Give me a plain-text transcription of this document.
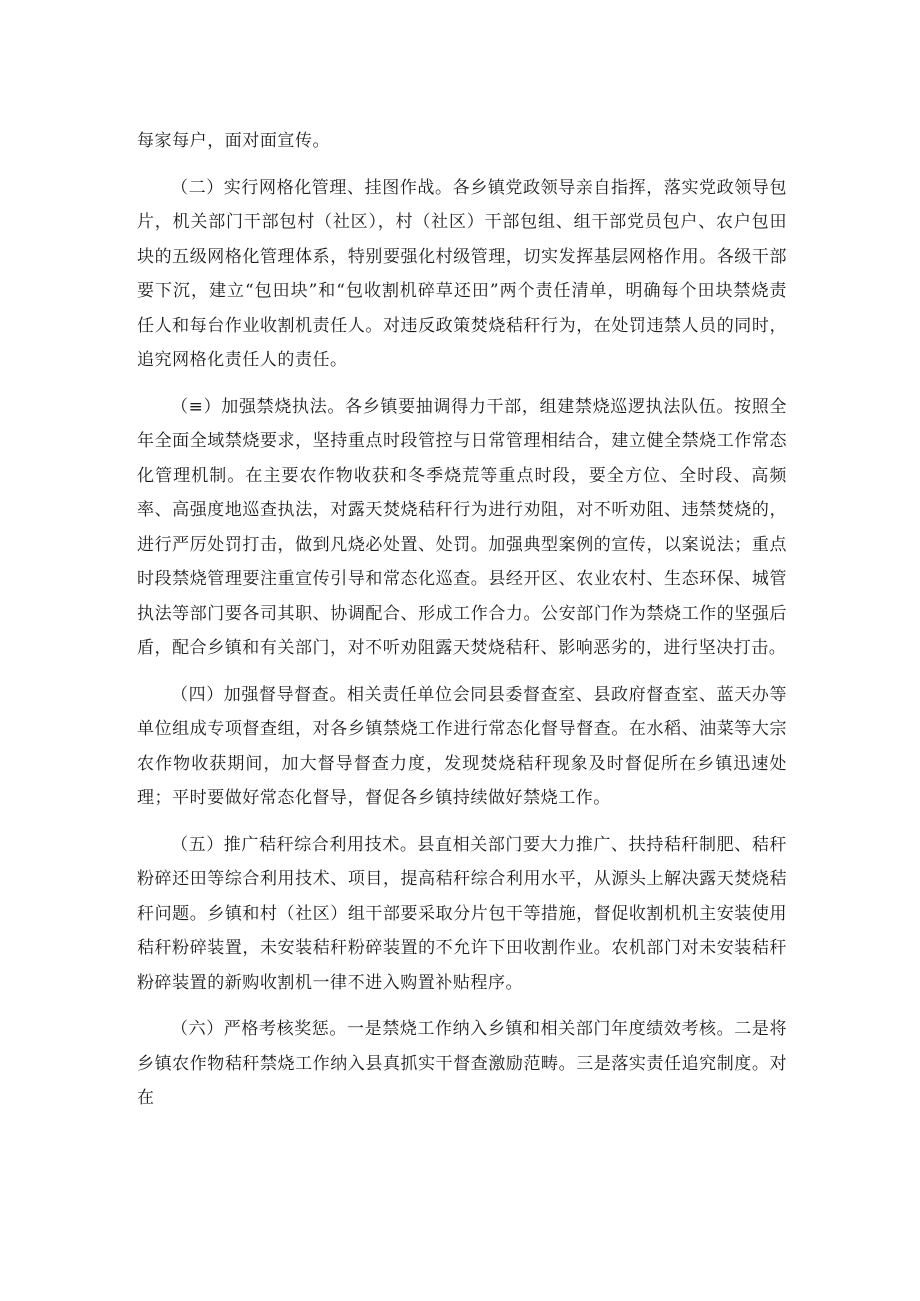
每家每户，面对面宣传。

（二）实行网格化管理、挂图作战。各乡镇党政领导亲自指挥，落实党政领导包片，机关部门干部包村（社区），村（社区）干部包组、组干部党员包户、农户包田块的五级网格化管理体系，特别要强化村级管理，切实发挥基层网格作用。各级干部要下沉，建立“包田块”和“包收割机碎草还田”两个责任清单，明确每个田块禁烧责任人和每台作业收割机责任人。对违反政策焚烧秸秆行为，在处罚违禁人员的同时，追究网格化责任人的责任。

（≡）加强禁烧执法。各乡镇要抽调得力干部，组建禁烧巡逻执法队伍。按照全年全面全域禁烧要求，坚持重点时段管控与日常管理相结合，建立健全禁烧工作常态化管理机制。在主要农作物收获和冬季烧荒等重点时段，要全方位、全时段、高频率、高强度地巡查执法，对露天焚烧秸秆行为进行劝阻，对不听劝阻、违禁焚烧的，进行严厉处罚打击，做到凡烧必处置、处罚。加强典型案例的宣传，以案说法；重点时段禁烧管理要注重宣传引导和常态化巡查。县经开区、农业农村、生态环保、城管执法等部门要各司其职、协调配合、形成工作合力。公安部门作为禁烧工作的坚强后盾，配合乡镇和有关部门，对不听劝阻露天焚烧秸秆、影响恶劣的，进行坚决打击。

（四）加强督导督查。相关责任单位会同县委督查室、县政府督查室、蓝天办等单位组成专项督查组，对各乡镇禁烧工作进行常态化督导督查。在水稻、油菜等大宗农作物收获期间，加大督导督查力度，发现焚烧秸秆现象及时督促所在乡镇迅速处理；平时要做好常态化督导，督促各乡镇持续做好禁烧工作。

（五）推广秸秆综合利用技术。县直相关部门要大力推广、扶持秸秆制肥、秸秆粉碎还田等综合利用技术、项目，提高秸秆综合利用水平，从源头上解决露天焚烧秸秆问题。乡镇和村（社区）组干部要采取分片包干等措施，督促收割机机主安装使用秸秆粉碎装置，未安装秸秆粉碎装置的不允许下田收割作业。农机部门对未安装秸秆粉碎装置的新购收割机一律不进入购置补贴程序。

（六）严格考核奖惩。一是禁烧工作纳入乡镇和相关部门年度绩效考核。二是将乡镇农作物秸秆禁烧工作纳入县真抓实干督查激励范畴。三是落实责任追究制度。对在
